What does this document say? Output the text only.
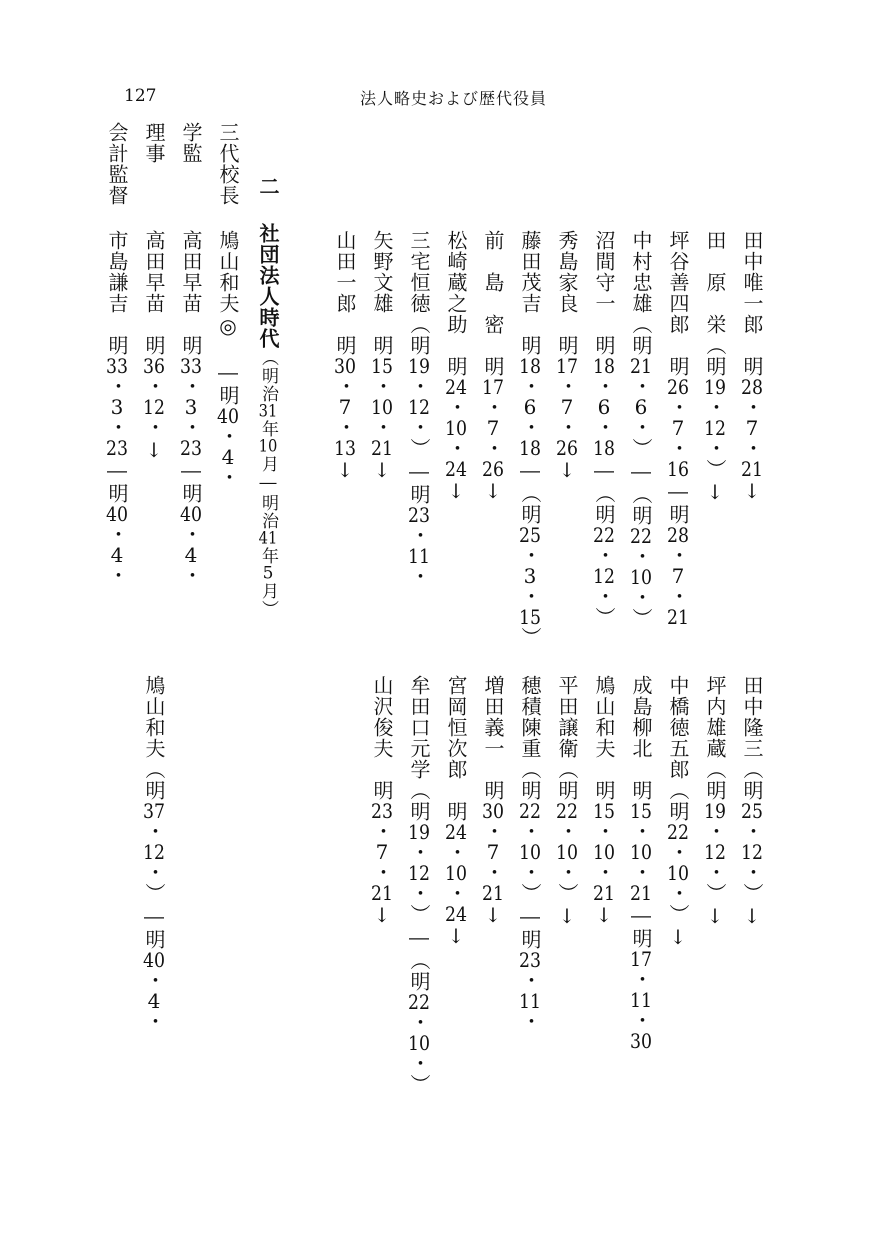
127	法人略史および歴代役員
田中唯一郎　明28・7・21↓
田　原　栄（明19・12・）↓
坪谷善四郎　明26・7・16―明28・7・21
中村忠雄（明21・6・）―（明22・10・）
沼間守一　明18・6・18―（明22・12・）
秀島家良　明17・7・26↓
藤田茂吉　明18・6・18―（明25・3・15）
前　島　密　明17・7・26↓
松崎蔵之助　明24・10・24↓
三宅恒徳（明19・12・）―明23・11・
矢野文雄　明15・10・21↓
山田一郎　明30・7・13↓
田中隆三（明25・12・）↓
坪内雄蔵（明19・12・）↓
中橋徳五郎（明22・10・）↓
成島柳北　明15・10・21―明17・11・30
鳩山和夫　明15・10・21↓
平田譲衛（明22・10・）↓
穂積陳重（明22・10・）―明23・11・
増田義一　明30・7・21↓
宮岡恒次郎　明24・10・24↓
牟田口元学（明19・12・）―（明22・10・）
山沢俊夫　明23・7・21↓
二社団法人時代（明治31年10月―明治41年5月）
三代校長
学監
理事
会計監督
鳩山和夫◎　―明40・4・
高田早苗　明33・3・23―明40・4・
高田早苗　明36・12・↓
市島謙吉　明33・3・23―明40・4・
鳩山和夫（明37・12・）―明40・4・
